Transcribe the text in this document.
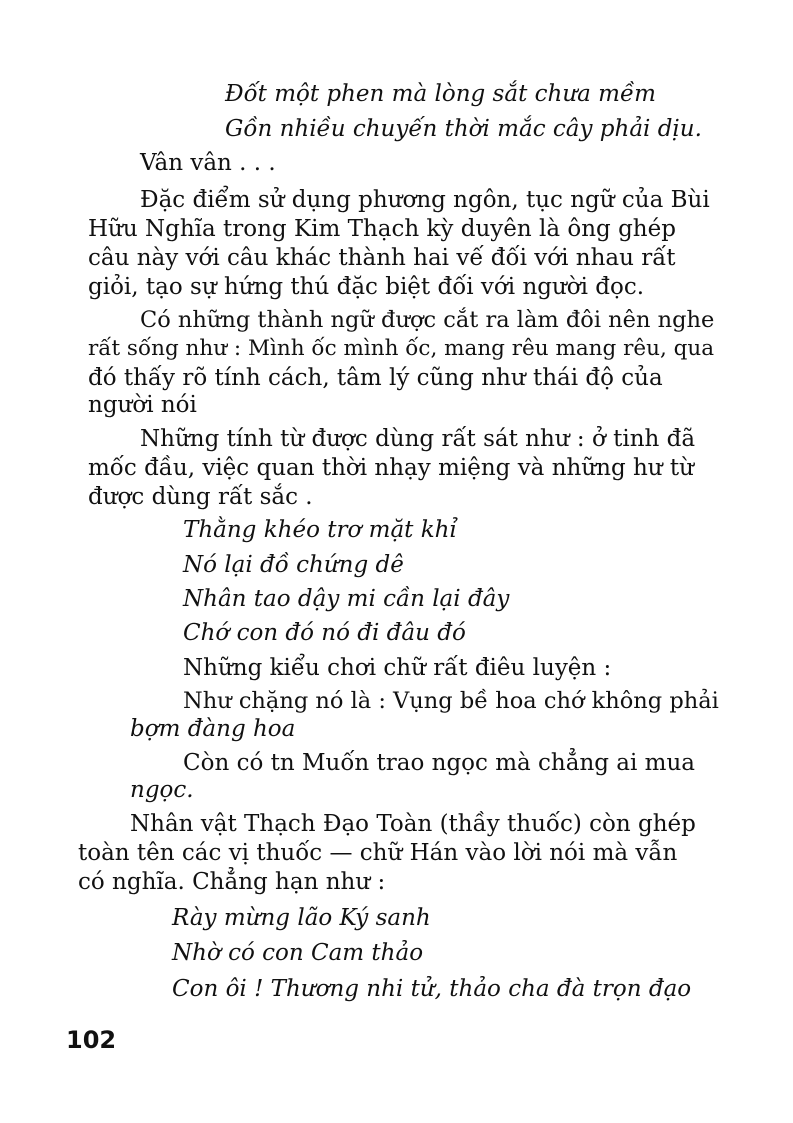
Đốt một phen mà lòng sắt chưa mềm
Gồn nhiều chuyến thời mắc cây phải dịu.
Vân vân . . .
Đặc điểm sử dụng phương ngôn, tục ngữ của Bùi
Hữu Nghĩa trong Kim Thạch kỳ duyên là ông ghép
câu này với câu khác thành hai vế đối với nhau rất
giỏi, tạo sự hứng thú đặc biệt đối với người đọc.
Có những thành ngữ được cắt ra làm đôi nên nghe
rất sống như : Mình ốc mình ốc, mang rêu mang rêu, qua
đó thấy rõ tính cách, tâm lý cũng như thái độ của
người nói
Những tính từ được dùng rất sát như : ở tinh đã
mốc đầu, việc quan thời nhạy miệng và những hư từ
được dùng rất sắc .
Thằng khéo trơ mặt khỉ
Nó lại đồ chứng dê
Nhân tao dậy mi cần lại đây
Chớ con đó nó đi đâu đó
Những kiểu chơi chữ rất điêu luyện :
Như chặng nó là : Vụng bề hoa chớ không phải
bợm đàng hoa
Còn có tn Muốn trao ngọc mà chẳng ai mua
ngọc.
Nhân vật Thạch Đạo Toàn (thầy thuốc) còn ghép
toàn tên các vị thuốc — chữ Hán vào lời nói mà vẫn
có nghĩa. Chẳng hạn như :
Rày mừng lão Ký sanh
Nhờ có con Cam thảo
Con ôi ! Thương nhi tử, thảo cha đà trọn đạo
102
